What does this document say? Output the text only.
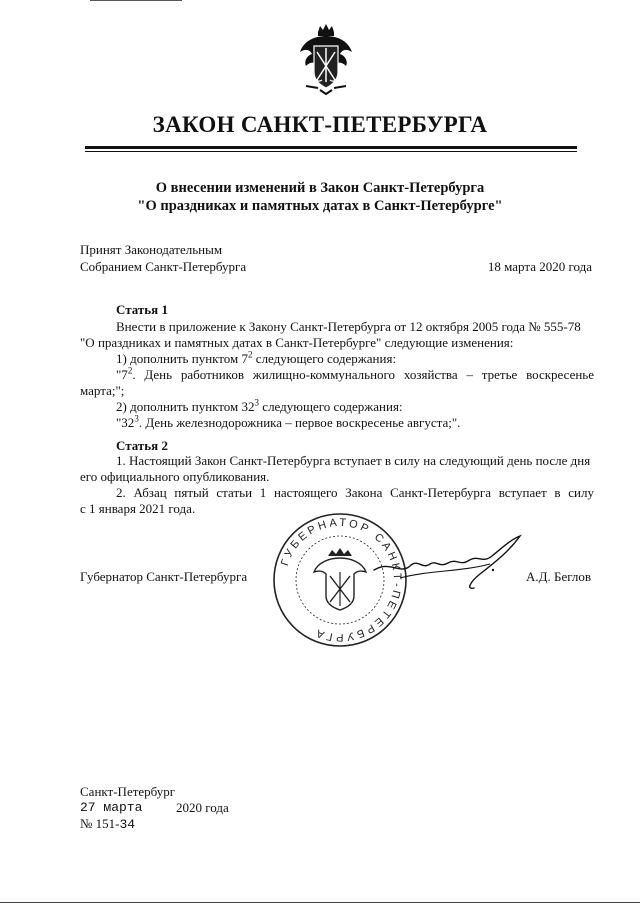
ЗАКОН САНКТ-ПЕТЕРБУРГА
О внесении изменений в Закон Санкт-Петербурга
"О праздниках и памятных датах в Санкт-Петербурге"
Принят Законодательным
Собранием Санкт-Петербурга	18 марта 2020 года
Статья 1
Внести в приложение к Закону Санкт-Петербурга от 12 октября 2005 года № 555-78
"О праздниках и памятных датах в Санкт-Петербурге" следующие изменения:
1) дополнить пунктом $7^2$ следующего содержания:
"$7^2$. День работников жилищно-коммунального хозяйства – третье воскресенье
марта;";
2) дополнить пунктом $32^3$ следующего содержания:
"$32^3$. День железнодорожника – первое воскресенье августа;".
Статья 2
1. Настоящий Закон Санкт-Петербурга вступает в силу на следующий день после дня
его официального опубликования.
2. Абзац пятый статьи 1 настоящего Закона Санкт-Петербурга вступает в силу
с 1 января 2021 года.
ГУБЕРНАТОР САНКТ-ПЕТЕРБУРГА
Губернатор Санкт-Петербурга	А.Д. Беглов
Санкт-Петербург
27 марта	2020 года
№ 151-34
